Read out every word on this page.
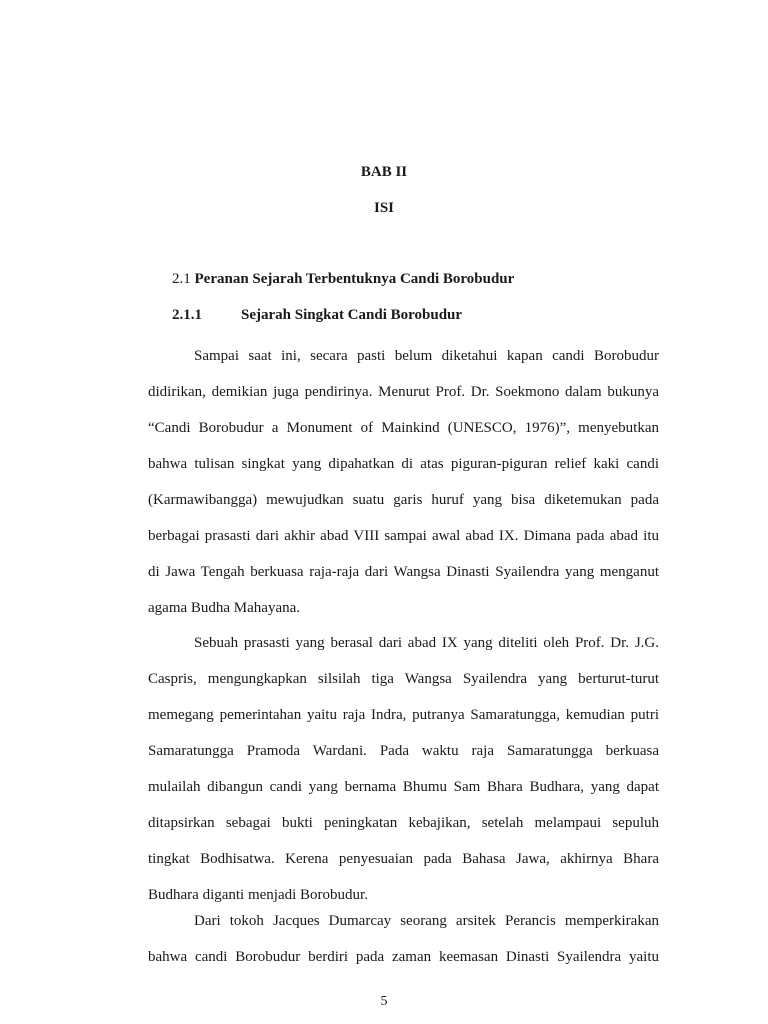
BAB II
ISI
2.1 Peranan Sejarah Terbentuknya Candi Borobudur
2.1.1	Sejarah Singkat Candi Borobudur
Sampai saat ini, secara pasti belum diketahui kapan candi Borobudur
didirikan, demikian juga pendirinya. Menurut Prof. Dr. Soekmono dalam bukunya
“Candi Borobudur a Monument of Mainkind (UNESCO, 1976)”, menyebutkan
bahwa tulisan singkat yang dipahatkan di atas piguran-piguran relief kaki candi
(Karmawibangga) mewujudkan suatu garis huruf yang bisa diketemukan pada
berbagai prasasti dari akhir abad VIII sampai awal abad IX. Dimana pada abad itu
di Jawa Tengah berkuasa raja-raja dari Wangsa Dinasti Syailendra yang menganut
agama Budha Mahayana.
Sebuah prasasti yang berasal dari abad IX yang diteliti oleh Prof. Dr. J.G.
Caspris, mengungkapkan silsilah tiga Wangsa Syailendra yang berturut-turut
memegang pemerintahan yaitu raja Indra, putranya Samaratungga, kemudian putri
Samaratungga Pramoda Wardani. Pada waktu raja Samaratungga berkuasa
mulailah dibangun candi yang bernama Bhumu Sam Bhara Budhara, yang dapat
ditapsirkan sebagai bukti peningkatan kebajikan, setelah melampaui sepuluh
tingkat Bodhisatwa. Kerena penyesuaian pada Bahasa Jawa, akhirnya Bhara
Budhara diganti menjadi Borobudur.
Dari tokoh Jacques Dumarcay seorang arsitek Perancis memperkirakan
bahwa candi Borobudur berdiri pada zaman keemasan Dinasti Syailendra yaitu

5
